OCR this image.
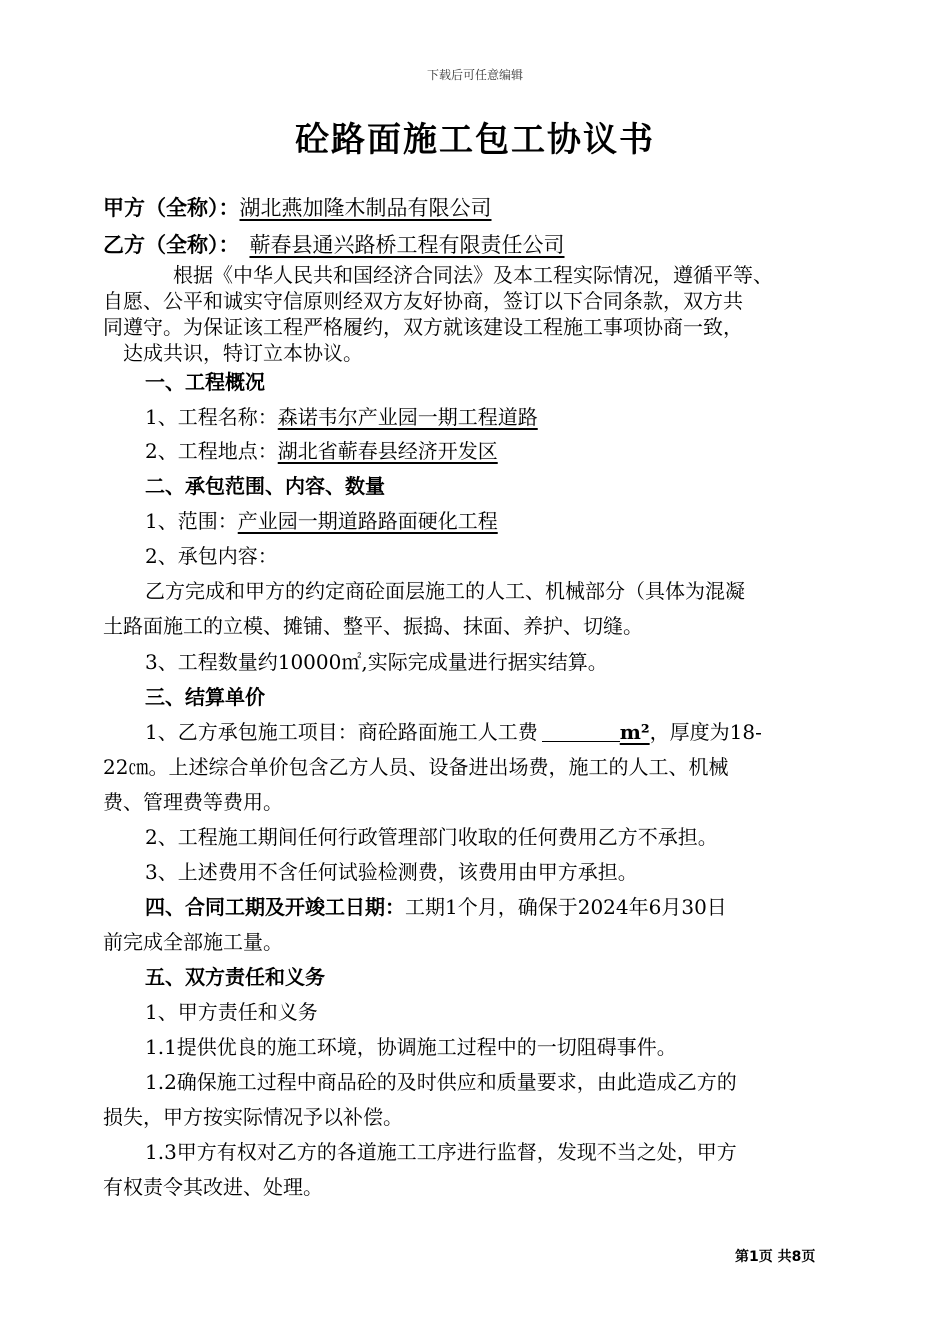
下载后可任意编辑
砼路面施工包工协议书
甲方（全称）：湖北燕加隆木制品有限公司
乙方（全称）： 蕲春县通兴路桥工程有限责任公司
根据《中华人民共和国经济合同法》及本工程实际情况，遵循平等、
自愿、公平和诚实守信原则经双方友好协商，签订以下合同条款，双方共
同遵守。为保证该工程严格履约，双方就该建设工程施工事项协商一致，
达成共识，特订立本协议。
一、工程概况
1、工程名称：森诺韦尔产业园一期工程道路
2、工程地点：湖北省蕲春县经济开发区
二、承包范围、内容、数量
1、范围：产业园一期道路路面硬化工程
2、承包内容：
乙方完成和甲方的约定商砼面层施工的人工、机械部分（具体为混凝
土路面施工的立模、摊铺、整平、振捣、抹面、养护、切缝。
3、工程数量约10000㎡,实际完成量进行据实结算。
三、结算单价
1、乙方承包施工项目：商砼路面施工人工费	m²，厚度为18-
22㎝。上述综合单价包含乙方人员、设备进出场费，施工的人工、机械
费、管理费等费用。
2、工程施工期间任何行政管理部门收取的任何费用乙方不承担。
3、上述费用不含任何试验检测费，该费用由甲方承担。
四、合同工期及开竣工日期：工期1个月，确保于2024年6月30日
前完成全部施工量。
五、双方责任和义务
1、甲方责任和义务
1.1提供优良的施工环境，协调施工过程中的一切阻碍事件。
1.2确保施工过程中商品砼的及时供应和质量要求，由此造成乙方的
损失，甲方按实际情况予以补偿。
1.3甲方有权对乙方的各道施工工序进行监督，发现不当之处，甲方
有权责令其改进、处理。
第1页 共8页
